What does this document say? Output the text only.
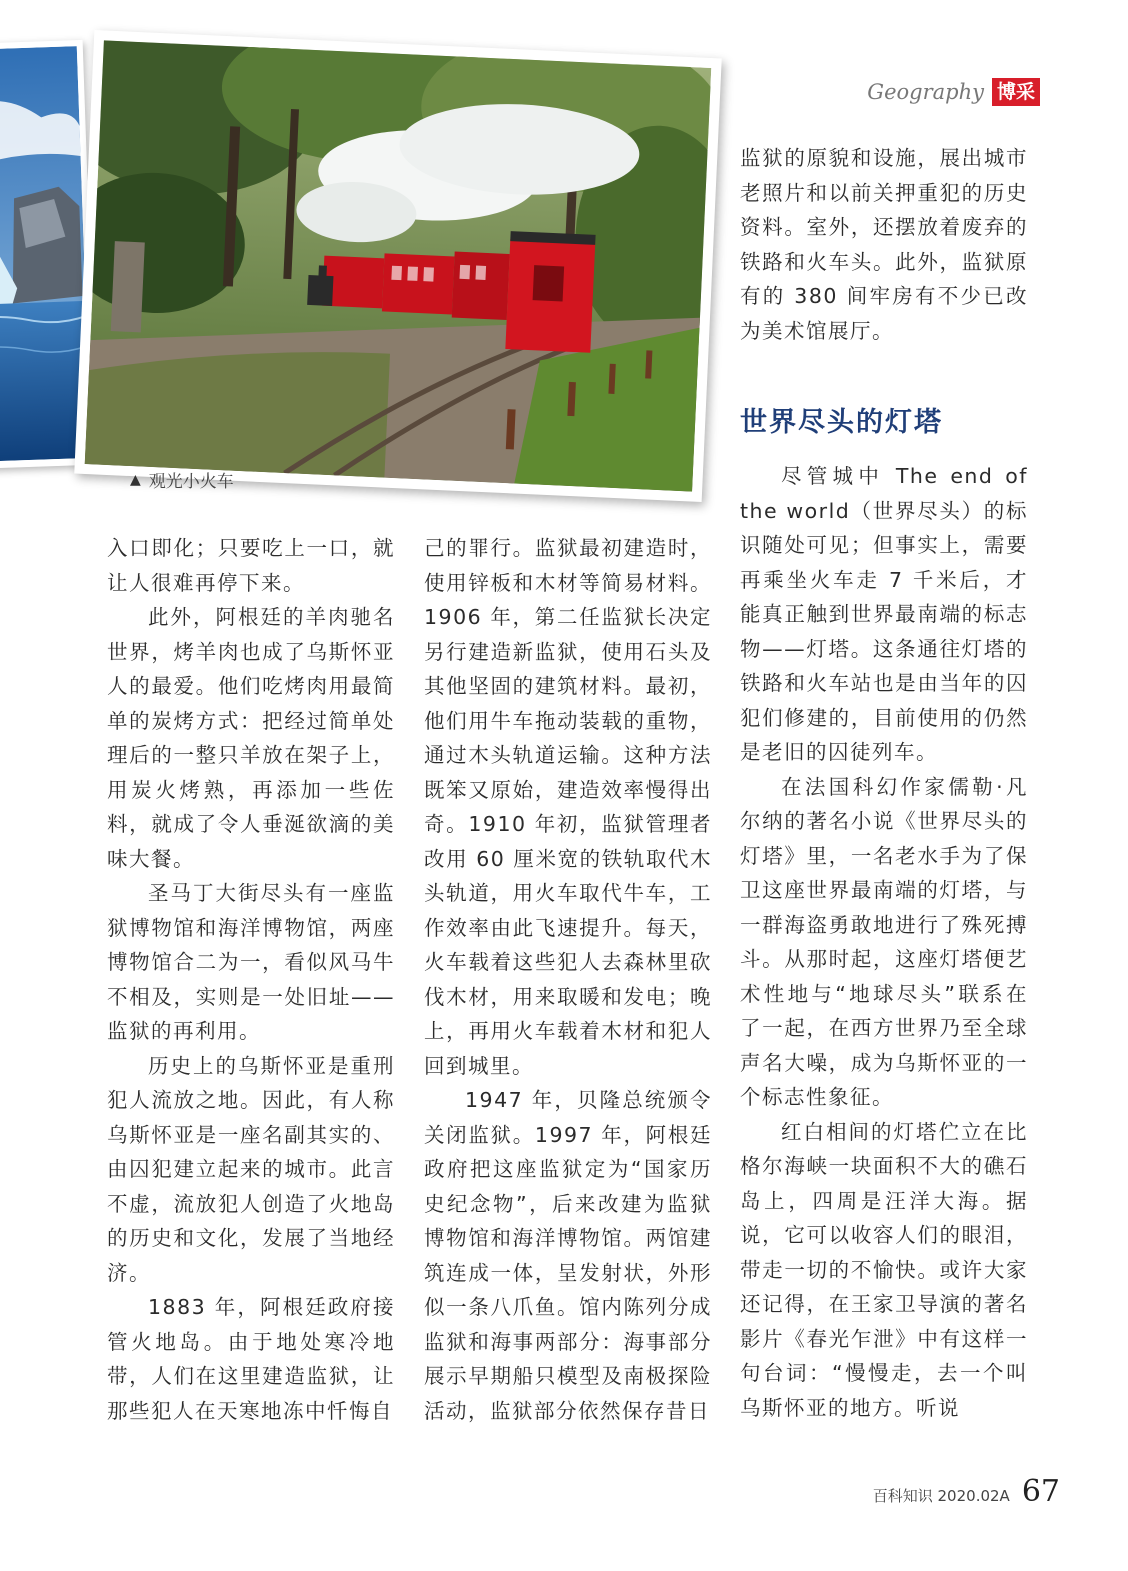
Geography 博采
▲ 观光小火车

入口即化；只要吃上一口，就让人很难再停下来。

此外，阿根廷的羊肉驰名世界，烤羊肉也成了乌斯怀亚人的最爱。他们吃烤肉用最简单的炭烤方式：把经过简单处理后的一整只羊放在架子上，用炭火烤熟，再添加一些佐料，就成了令人垂涎欲滴的美味大餐。

圣马丁大街尽头有一座监狱博物馆和海洋博物馆，两座博物馆合二为一，看似风马牛不相及，实则是一处旧址——监狱的再利用。

历史上的乌斯怀亚是重刑犯人流放之地。因此，有人称乌斯怀亚是一座名副其实的、由囚犯建立起来的城市。此言不虚，流放犯人创造了火地岛的历史和文化，发展了当地经济。

1883 年，阿根廷政府接管火地岛。由于地处寒冷地带，人们在这里建造监狱，让那些犯人在天寒地冻中忏悔自

己的罪行。监狱最初建造时，使用锌板和木材等简易材料。1906 年，第二任监狱长决定另行建造新监狱，使用石头及其他坚固的建筑材料。最初，他们用牛车拖动装载的重物，通过木头轨道运输。这种方法既笨又原始，建造效率慢得出奇。1910 年初，监狱管理者改用 60 厘米宽的铁轨取代木头轨道，用火车取代牛车，工作效率由此飞速提升。每天，火车载着这些犯人去森林里砍伐木材，用来取暖和发电；晚上，再用火车载着木材和犯人回到城里。

1947 年，贝隆总统颁令关闭监狱。1997 年，阿根廷政府把这座监狱定为“国家历史纪念物”，后来改建为监狱博物馆和海洋博物馆。两馆建筑连成一体，呈发射状，外形似一条八爪鱼。馆内陈列分成监狱和海事两部分：海事部分展示早期船只模型及南极探险活动，监狱部分依然保存昔日

监狱的原貌和设施，展出城市老照片和以前关押重犯的历史资料。室外，还摆放着废弃的铁路和火车头。此外，监狱原有的 380 间牢房有不少已改为美术馆展厅。

世界尽头的灯塔

尽管城中 The end of the world（世界尽头）的标识随处可见；但事实上，需要再乘坐火车走 7 千米后，才能真正触到世界最南端的标志物——灯塔。这条通往灯塔的铁路和火车站也是由当年的囚犯们修建的，目前使用的仍然是老旧的囚徒列车。

在法国科幻作家儒勒·凡尔纳的著名小说《世界尽头的灯塔》里，一名老水手为了保卫这座世界最南端的灯塔，与一群海盗勇敢地进行了殊死搏斗。从那时起，这座灯塔便艺术性地与“地球尽头”联系在了一起，在西方世界乃至全球声名大噪，成为乌斯怀亚的一个标志性象征。

红白相间的灯塔伫立在比格尔海峡一块面积不大的礁石岛上，四周是汪洋大海。据说，它可以收容人们的眼泪，带走一切的不愉快。或许大家还记得，在王家卫导演的著名影片《春光乍泄》中有这样一句台词：“慢慢走，去一个叫乌斯怀亚的地方。听说

百科知识 2020.02A 67
